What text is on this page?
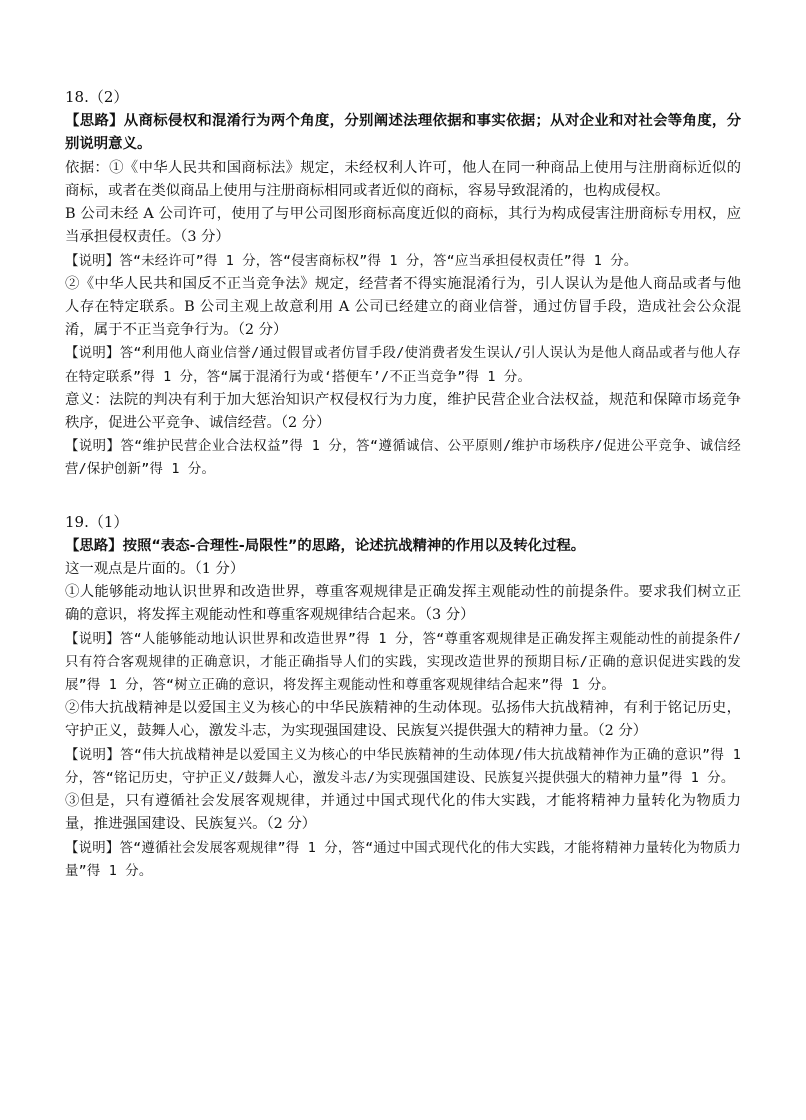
18.（2）

【思路】从商标侵权和混淆行为两个角度，分别阐述法理依据和事实依据；从对企业和对社会等角度，分别说明意义。

依据：①《中华人民共和国商标法》规定，未经权利人许可，他人在同一种商品上使用与注册商标近似的商标，或者在类似商品上使用与注册商标相同或者近似的商标，容易导致混淆的，也构成侵权。

B 公司未经 A 公司许可，使用了与甲公司图形商标高度近似的商标，其行为构成侵害注册商标专用权，应当承担侵权责任。（3 分）

【说明】答“未经许可”得 1 分，答“侵害商标权”得 1 分，答“应当承担侵权责任”得 1 分。

②《中华人民共和国反不正当竞争法》规定，经营者不得实施混淆行为，引人误认为是他人商品或者与他人存在特定联系。B 公司主观上故意利用 A 公司已经建立的商业信誉，通过仿冒手段，造成社会公众混淆，属于不正当竞争行为。（2 分）

【说明】答“利用他人商业信誉/通过假冒或者仿冒手段/使消费者发生误认/引人误认为是他人商品或者与他人存在特定联系”得 1 分，答“属于混淆行为或‘搭便车’/不正当竞争”得 1 分。

意义：法院的判决有利于加大惩治知识产权侵权行为力度，维护民营企业合法权益，规范和保障市场竞争秩序，促进公平竞争、诚信经营。（2 分）

【说明】答“维护民营企业合法权益”得 1 分，答“遵循诚信、公平原则/维护市场秩序/促进公平竞争、诚信经营/保护创新”得 1 分。

19.（1）

【思路】按照“表态-合理性-局限性”的思路，论述抗战精神的作用以及转化过程。

这一观点是片面的。（1 分）

①人能够能动地认识世界和改造世界，尊重客观规律是正确发挥主观能动性的前提条件。要求我们树立正确的意识，将发挥主观能动性和尊重客观规律结合起来。（3 分）

【说明】答“人能够能动地认识世界和改造世界”得 1 分，答“尊重客观规律是正确发挥主观能动性的前提条件/只有符合客观规律的正确意识，才能正确指导人们的实践，实现改造世界的预期目标/正确的意识促进实践的发展”得 1 分，答“树立正确的意识，将发挥主观能动性和尊重客观规律结合起来”得 1 分。

②伟大抗战精神是以爱国主义为核心的中华民族精神的生动体现。弘扬伟大抗战精神，有利于铭记历史，守护正义，鼓舞人心，激发斗志，为实现强国建设、民族复兴提供强大的精神力量。（2 分）

【说明】答“伟大抗战精神是以爱国主义为核心的中华民族精神的生动体现/伟大抗战精神作为正确的意识”得 1 分，答“铭记历史，守护正义/鼓舞人心，激发斗志/为实现强国建设、民族复兴提供强大的精神力量”得 1 分。

③但是，只有遵循社会发展客观规律，并通过中国式现代化的伟大实践，才能将精神力量转化为物质力量，推进强国建设、民族复兴。（2 分）

【说明】答“遵循社会发展客观规律”得 1 分，答“通过中国式现代化的伟大实践，才能将精神力量转化为物质力量”得 1 分。
